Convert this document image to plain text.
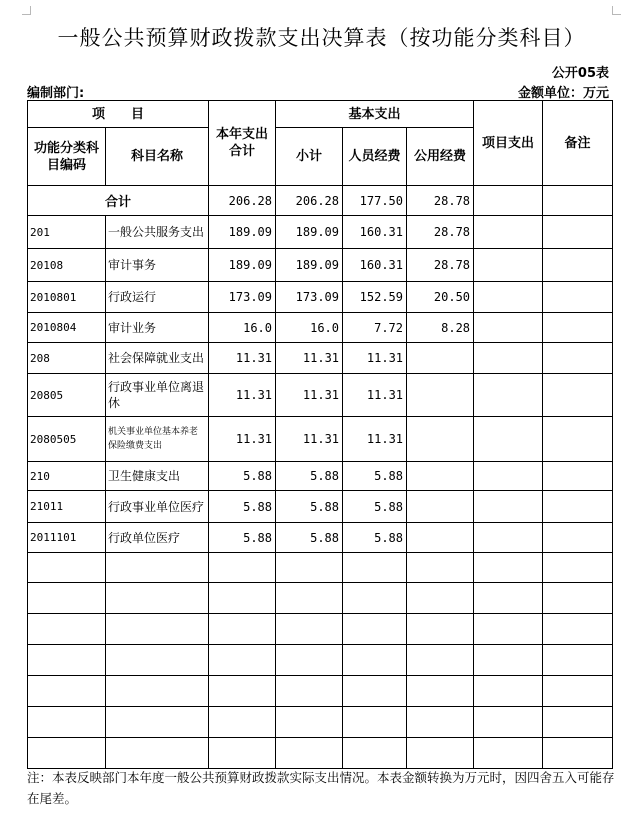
一般公共预算财政拨款支出决算表（按功能分类科目）
公开05表
编制部门:	金额单位：万元
项　　目		本年支出合计	基本支出			项目支出	备注
功能分类科目编码	科目名称		小计	人员经费	公用经费		
合计		206.28	206.28	177.50	28.78		
201	一般公共服务支出	189.09	189.09	160.31	28.78		
20108	审计事务	189.09	189.09	160.31	28.78		
2010801	行政运行	173.09	173.09	152.59	20.50		
2010804	审计业务	16.0	16.0	7.72	8.28		
208	社会保障就业支出	11.31	11.31	11.31			
20805	行政事业单位离退休	11.31	11.31	11.31			
2080505	机关事业单位基本养老保险缴费支出	11.31	11.31	11.31			
210	卫生健康支出	5.88	5.88	5.88			
21011	行政事业单位医疗	5.88	5.88	5.88			
2011101	行政单位医疗	5.88	5.88	5.88			

注：本表反映部门本年度一般公共预算财政拨款实际支出情况。本表金额转换为万元时，因四舍五入可能存在尾差。
